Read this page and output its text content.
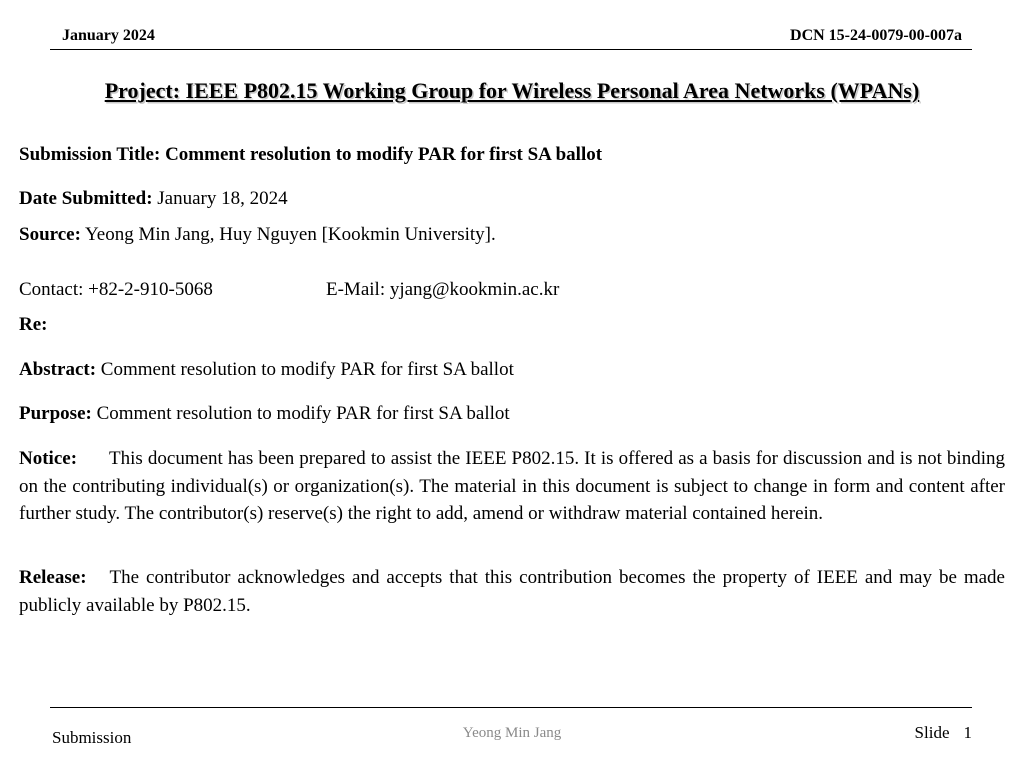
January 2024	DCN 15-24-0079-00-007a
Project: IEEE P802.15 Working Group for Wireless Personal Area Networks (WPANs)
Submission Title: Comment resolution to modify PAR for first SA ballot
Date Submitted: January 18, 2024
Source: Yeong Min Jang, Huy Nguyen [Kookmin University].
Contact: +82-2-910-5068	E-Mail: yjang@kookmin.ac.kr
Re:
Abstract: Comment resolution to modify PAR for first SA ballot
Purpose: Comment resolution to modify PAR for first SA ballot
Notice: This document has been prepared to assist the IEEE P802.15. It is offered as a basis for discussion and is not binding on the contributing individual(s) or organization(s). The material in this document is subject to change in form and content after further study. The contributor(s) reserve(s) the right to add, amend or withdraw material contained herein.
Release: The contributor acknowledges and accepts that this contribution becomes the property of IEEE and may be made publicly available by P802.15.
Submission	Yeong Min Jang	Slide 1
